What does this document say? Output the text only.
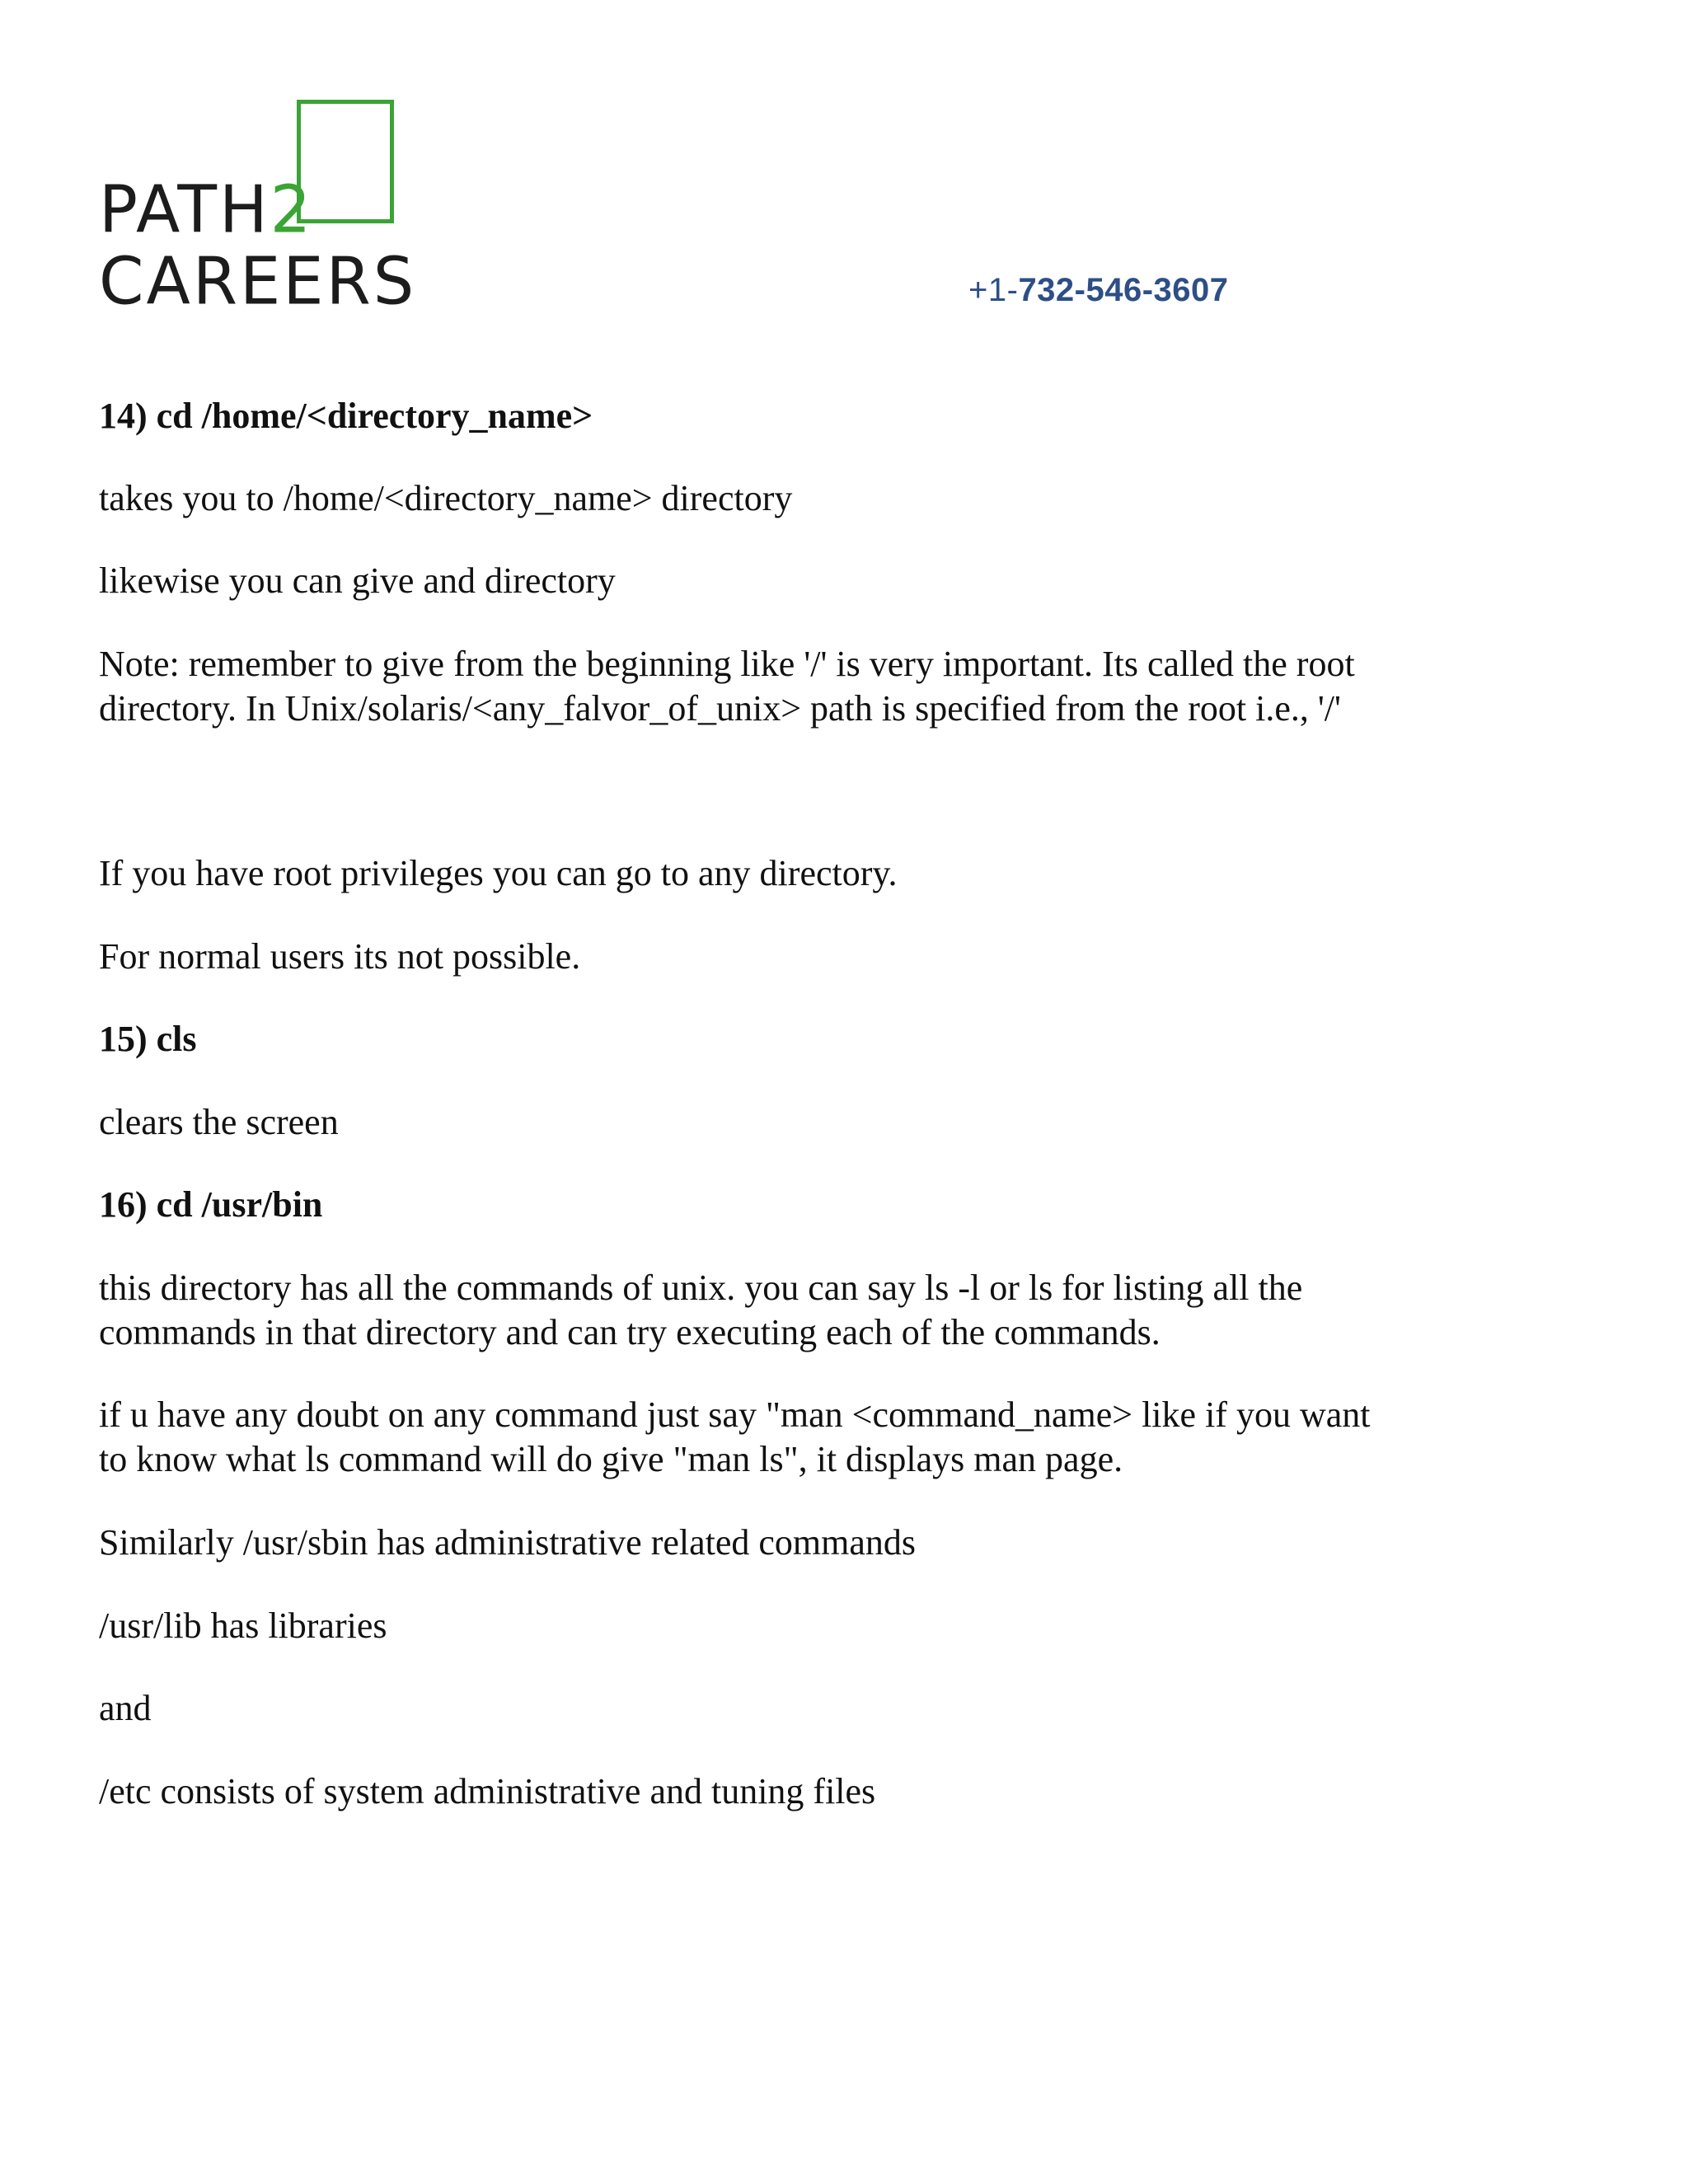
PATH2
CAREERS	+1-732-546-3607

14) cd /home/<directory_name>

takes you to /home/<directory_name> directory

likewise you can give and directory

Note: remember to give from the beginning like '/' is very important. Its called the root

directory. In Unix/solaris/<any_falvor_of_unix> path is specified from the root i.e., '/'

If you have root privileges you can go to any directory.

For normal users its not possible.

15) cls

clears the screen

16) cd /usr/bin

this directory has all the commands of unix. you can say ls -l or ls for listing all the

commands in that directory and can try executing each of the commands.

if u have any doubt on any command just say "man <command_name> like if you want

to know what ls command will do give "man ls", it displays man page.

Similarly /usr/sbin has administrative related commands

/usr/lib has libraries

and

/etc consists of system administrative and tuning files
